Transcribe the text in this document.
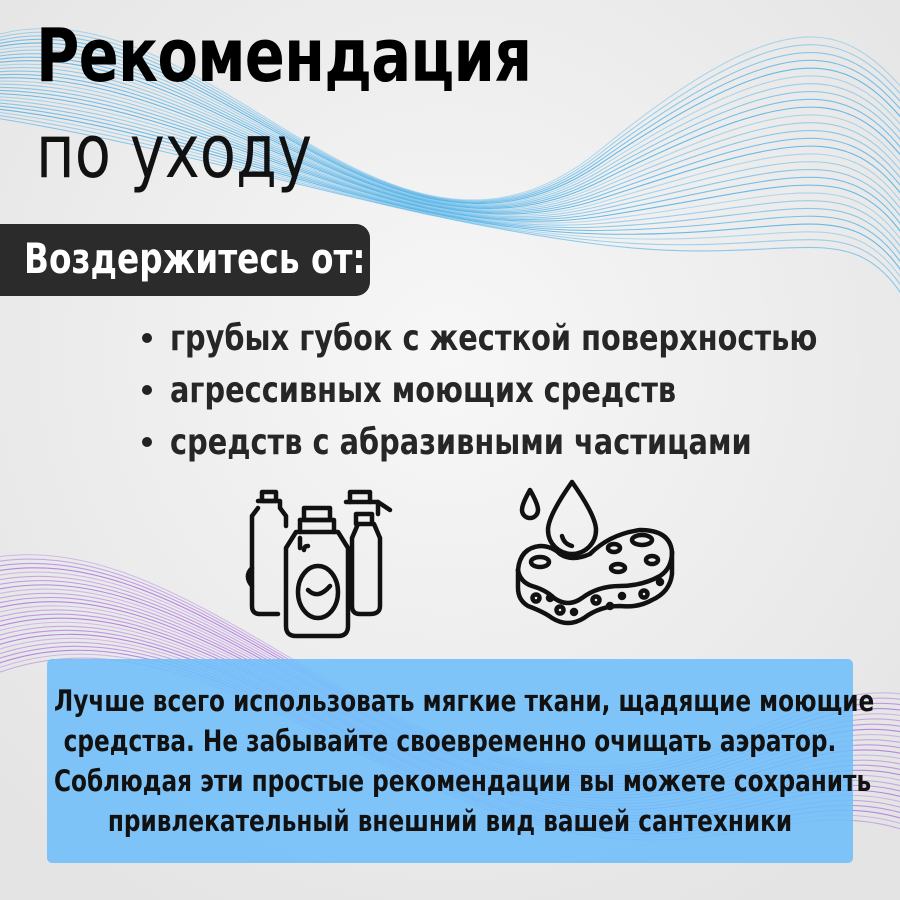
Рекомендация
по уходу
Воздержитесь от:
грубых губок с жесткой поверхностью
агрессивных моющих средств
средств с абразивными частицами
Лучше всего использовать мягкие ткани, щадящие моющие
средства. Не забывайте своевременно очищать аэратор.
Соблюдая эти простые рекомендации вы можете сохранить
привлекательный внешний вид вашей сантехники
